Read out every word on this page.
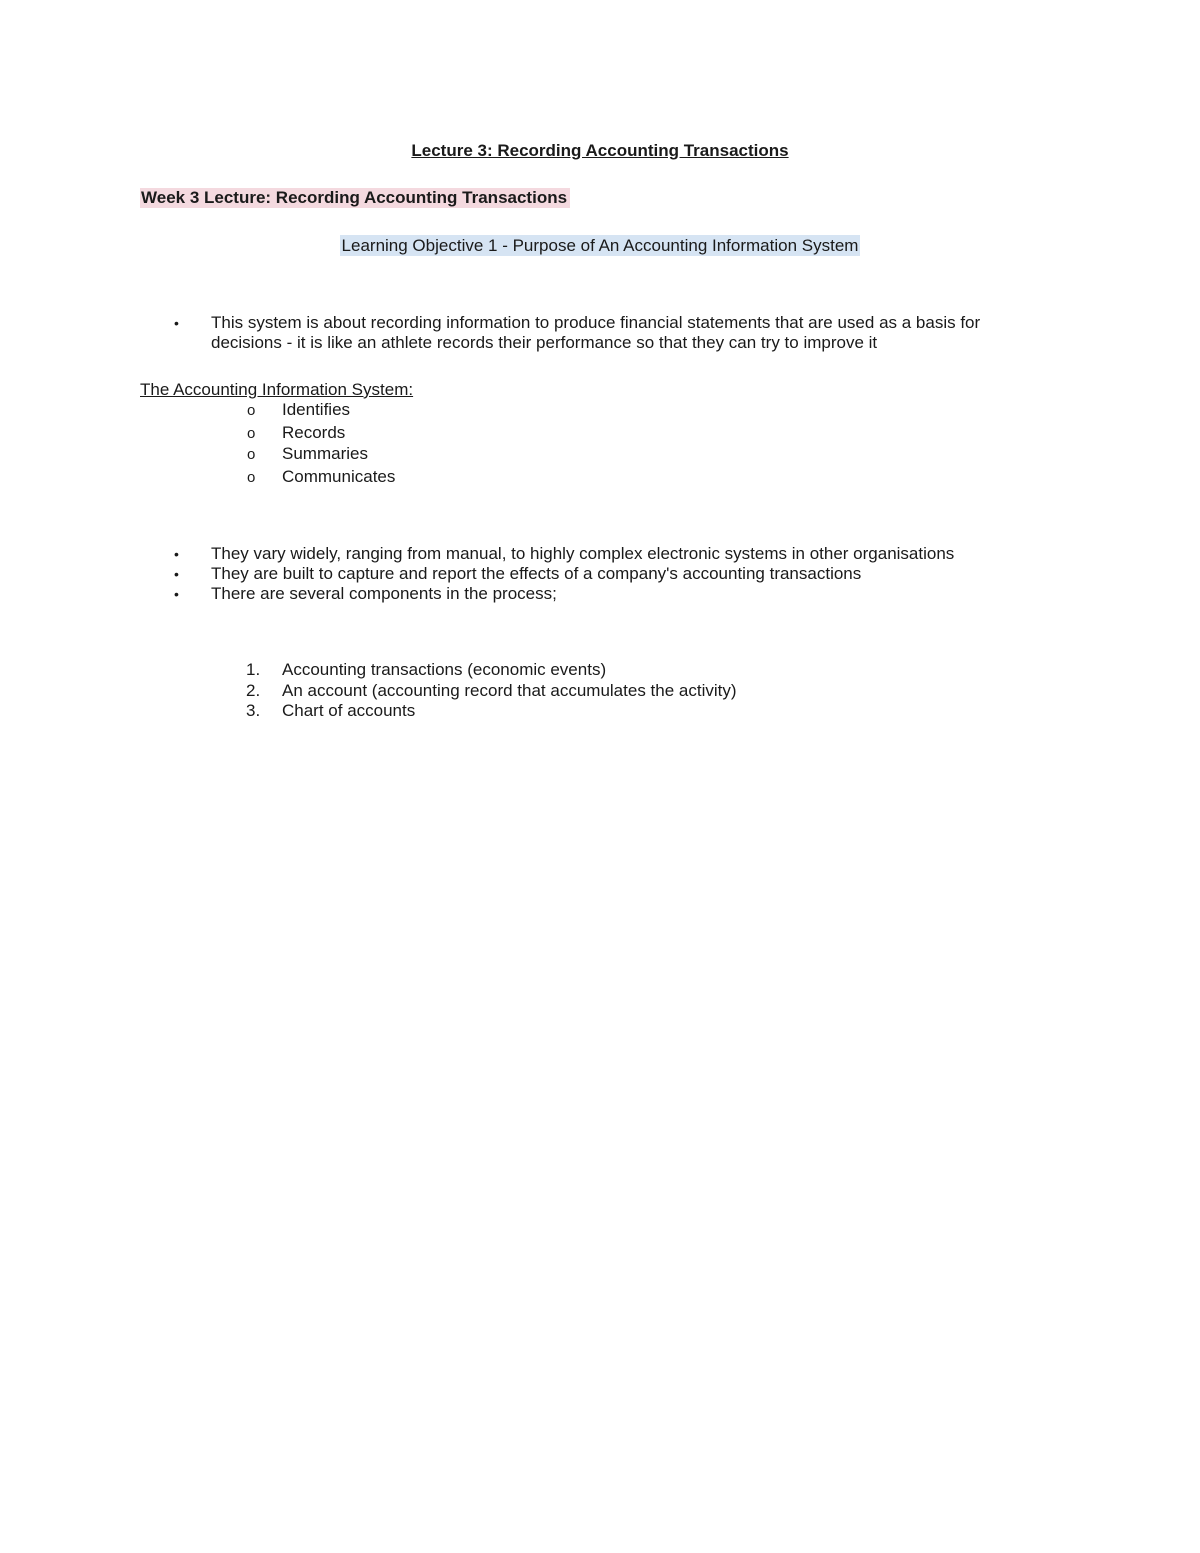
Lecture 3: Recording Accounting Transactions
Week 3 Lecture: Recording Accounting Transactions
Learning Objective 1 - Purpose of An Accounting Information System
• This system is about recording information to produce financial statements that are used as a basis for
decisions - it is like an athlete records their performance so that they can try to improve it
The Accounting Information System:
o Identifies
o Records
o Summaries
o Communicates
• They vary widely, ranging from manual, to highly complex electronic systems in other organisations
• They are built to capture and report the effects of a company's accounting transactions
• There are several components in the process;
1. Accounting transactions (economic events)
2. An account (accounting record that accumulates the activity)
3. Chart of accounts
